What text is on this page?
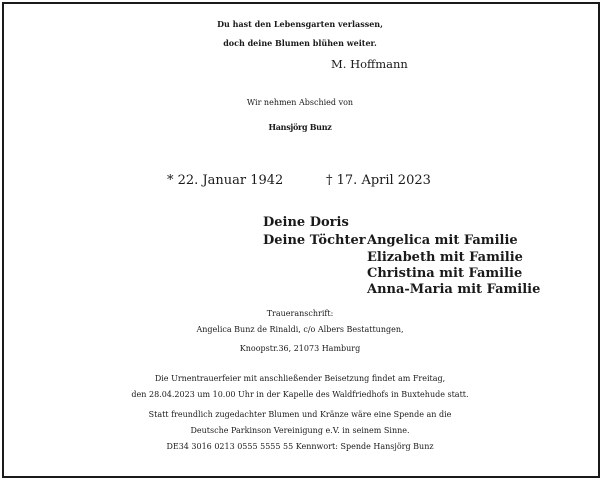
Du hast den Lebensgarten verlassen,
doch deine Blumen blühen weiter.
M. Hoffmann
Wir nehmen Abschied von
Hansjörg Bunz
* 22. Januar 1942	† 17. April 2023
Deine Doris
Deine Töchter Angelica mit Familie
Elizabeth mit Familie
Christina mit Familie
Anna-Maria mit Familie
Traueranschrift:
Angelica Bunz de Rinaldi, c/o Albers Bestattungen,
Knoopstr.36, 21073 Hamburg
Die Urnentrauerfeier mit anschließender Beisetzung findet am Freitag,
den 28.04.2023 um 10.00 Uhr in der Kapelle des Waldfriedhofs in Buxtehude statt.
Statt freundlich zugedachter Blumen und Kränze wäre eine Spende an die
Deutsche Parkinson Vereinigung e.V. in seinem Sinne.
DE34 3016 0213 0555 5555 55 Kennwort: Spende Hansjörg Bunz
